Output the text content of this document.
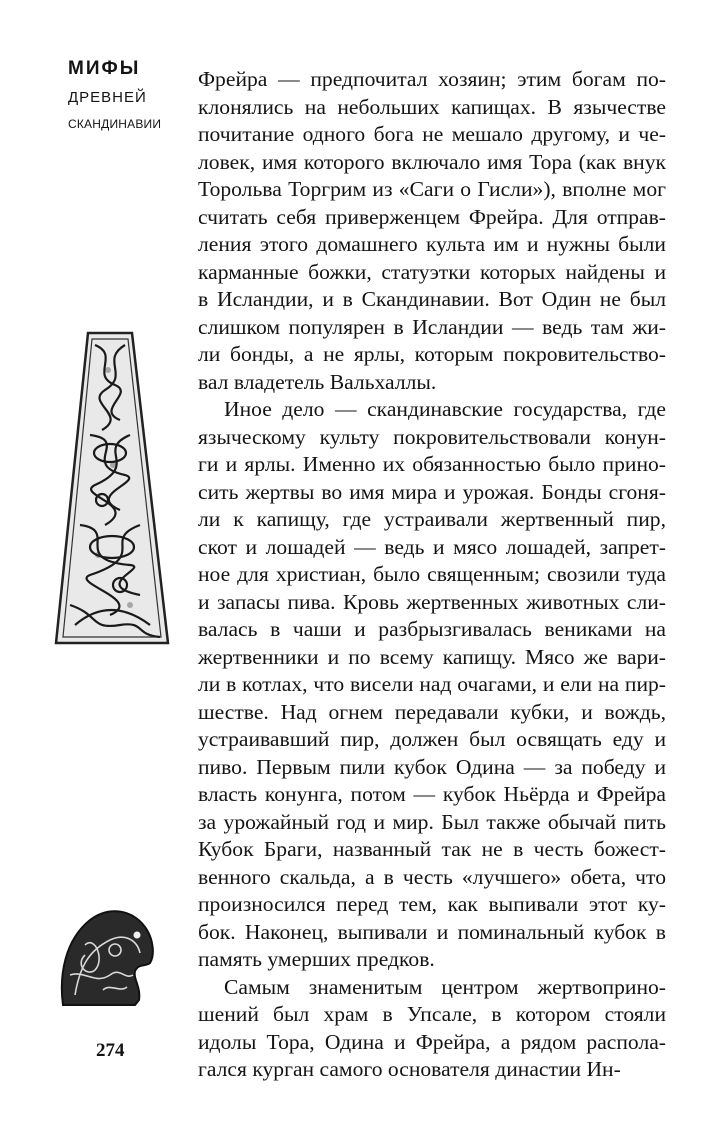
МИФЫ
ДРЕВНЕЙ
СКАНДИНАВИИ

Фрейра — предпочитал хозяин; этим богам по-
клонялись на небольших капищах. В язычестве
почитание одного бога не мешало другому, и че-
ловек, имя которого включало имя Тора (как внук
Торольва Торгрим из «Саги о Гисли»), вполне мог
считать себя приверженцем Фрейра. Для отправ-
ления этого домашнего культа им и нужны были
карманные божки, статуэтки которых найдены и
в Исландии, и в Скандинавии. Вот Один не был
слишком популярен в Исландии — ведь там жи-
ли бонды, а не ярлы, которым покровительство-
вал владетель Вальхаллы.

Иное дело — скандинавские государства, где
языческому культу покровительствовали конун-
ги и ярлы. Именно их обязанностью было прино-
сить жертвы во имя мира и урожая. Бонды сгоня-
ли к капищу, где устраивали жертвенный пир,
скот и лошадей — ведь и мясо лошадей, запрет-
ное для христиан, было священным; свозили туда
и запасы пива. Кровь жертвенных животных сли-
валась в чаши и разбрызгивалась вениками на
жертвенники и по всему капищу. Мясо же вари-
ли в котлах, что висели над очагами, и ели на пир-
шестве. Над огнем передавали кубки, и вождь,
устраивавший пир, должен был освящать еду и
пиво. Первым пили кубок Одина — за победу и
власть конунга, потом — кубок Ньёрда и Фрейра
за урожайный год и мир. Был также обычай пить
Кубок Браги, названный так не в честь божест-
венного скальда, а в честь «лучшего» обета, что
произносился перед тем, как выпивали этот ку-
бок. Наконец, выпивали и поминальный кубок в
память умерших предков.

Самым знаменитым центром жертвоприно-
шений был храм в Упсале, в котором стояли
идолы Тора, Одина и Фрейра, а рядом распола-
гался курган самого основателя династии Ин-

274
